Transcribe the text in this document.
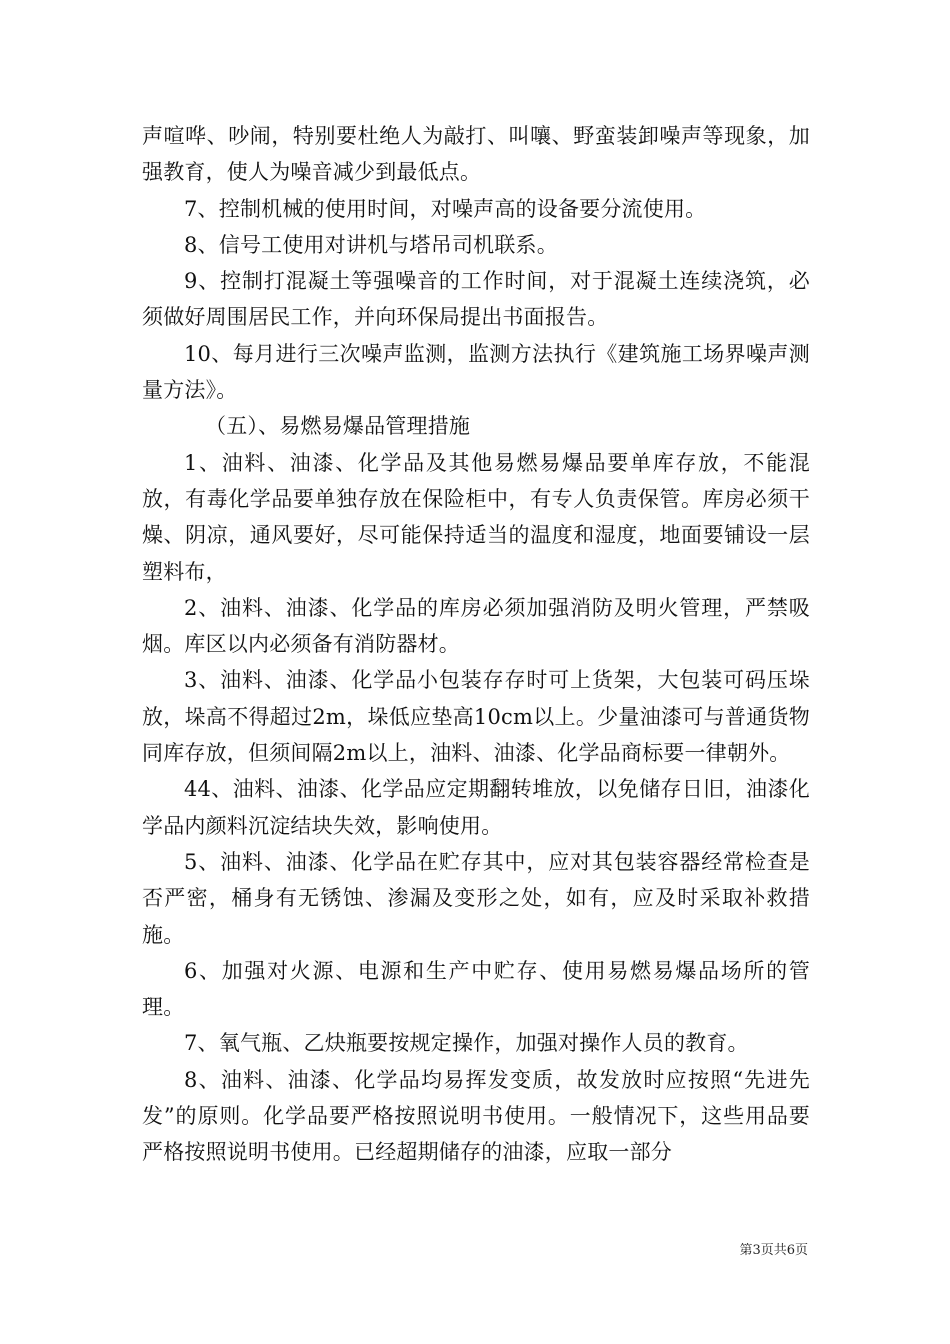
声喧哗、吵闹，特别要杜绝人为敲打、叫嚷、野蛮装卸噪声等现象，加强教育，使人为噪音减少到最低点。

7、控制机械的使用时间，对噪声高的设备要分流使用。

8、信号工使用对讲机与塔吊司机联系。

9、控制打混凝土等强噪音的工作时间，对于混凝土连续浇筑，必须做好周围居民工作，并向环保局提出书面报告。

10、每月进行三次噪声监测，监测方法执行《建筑施工场界噪声测量方法》。

（五）、易燃易爆品管理措施

1、油料、油漆、化学品及其他易燃易爆品要单库存放，不能混放，有毒化学品要单独存放在保险柜中，有专人负责保管。库房必须干燥、阴凉，通风要好，尽可能保持适当的温度和湿度，地面要铺设一层塑料布，

2、油料、油漆、化学品的库房必须加强消防及明火管理，严禁吸烟。库区以内必须备有消防器材。

3、油料、油漆、化学品小包装存存时可上货架，大包装可码压垛放，垛高不得超过2m，垛低应垫高10cm以上。少量油漆可与普通货物同库存放，但须间隔2m以上，油料、油漆、化学品商标要一律朝外。

44、油料、油漆、化学品应定期翻转堆放，以免储存日旧，油漆化学品内颜料沉淀结块失效，影响使用。

5、油料、油漆、化学品在贮存其中，应对其包装容器经常检查是否严密，桶身有无锈蚀、渗漏及变形之处，如有，应及时采取补救措施。

6、加强对火源、电源和生产中贮存、使用易燃易爆品场所的管理。

7、氧气瓶、乙炔瓶要按规定操作，加强对操作人员的教育。

8、油料、油漆、化学品均易挥发变质，故发放时应按照“先进先发”的原则。化学品要严格按照说明书使用。一般情况下，这些用品要严格按照说明书使用。已经超期储存的油漆，应取一部分

第3页共6页
